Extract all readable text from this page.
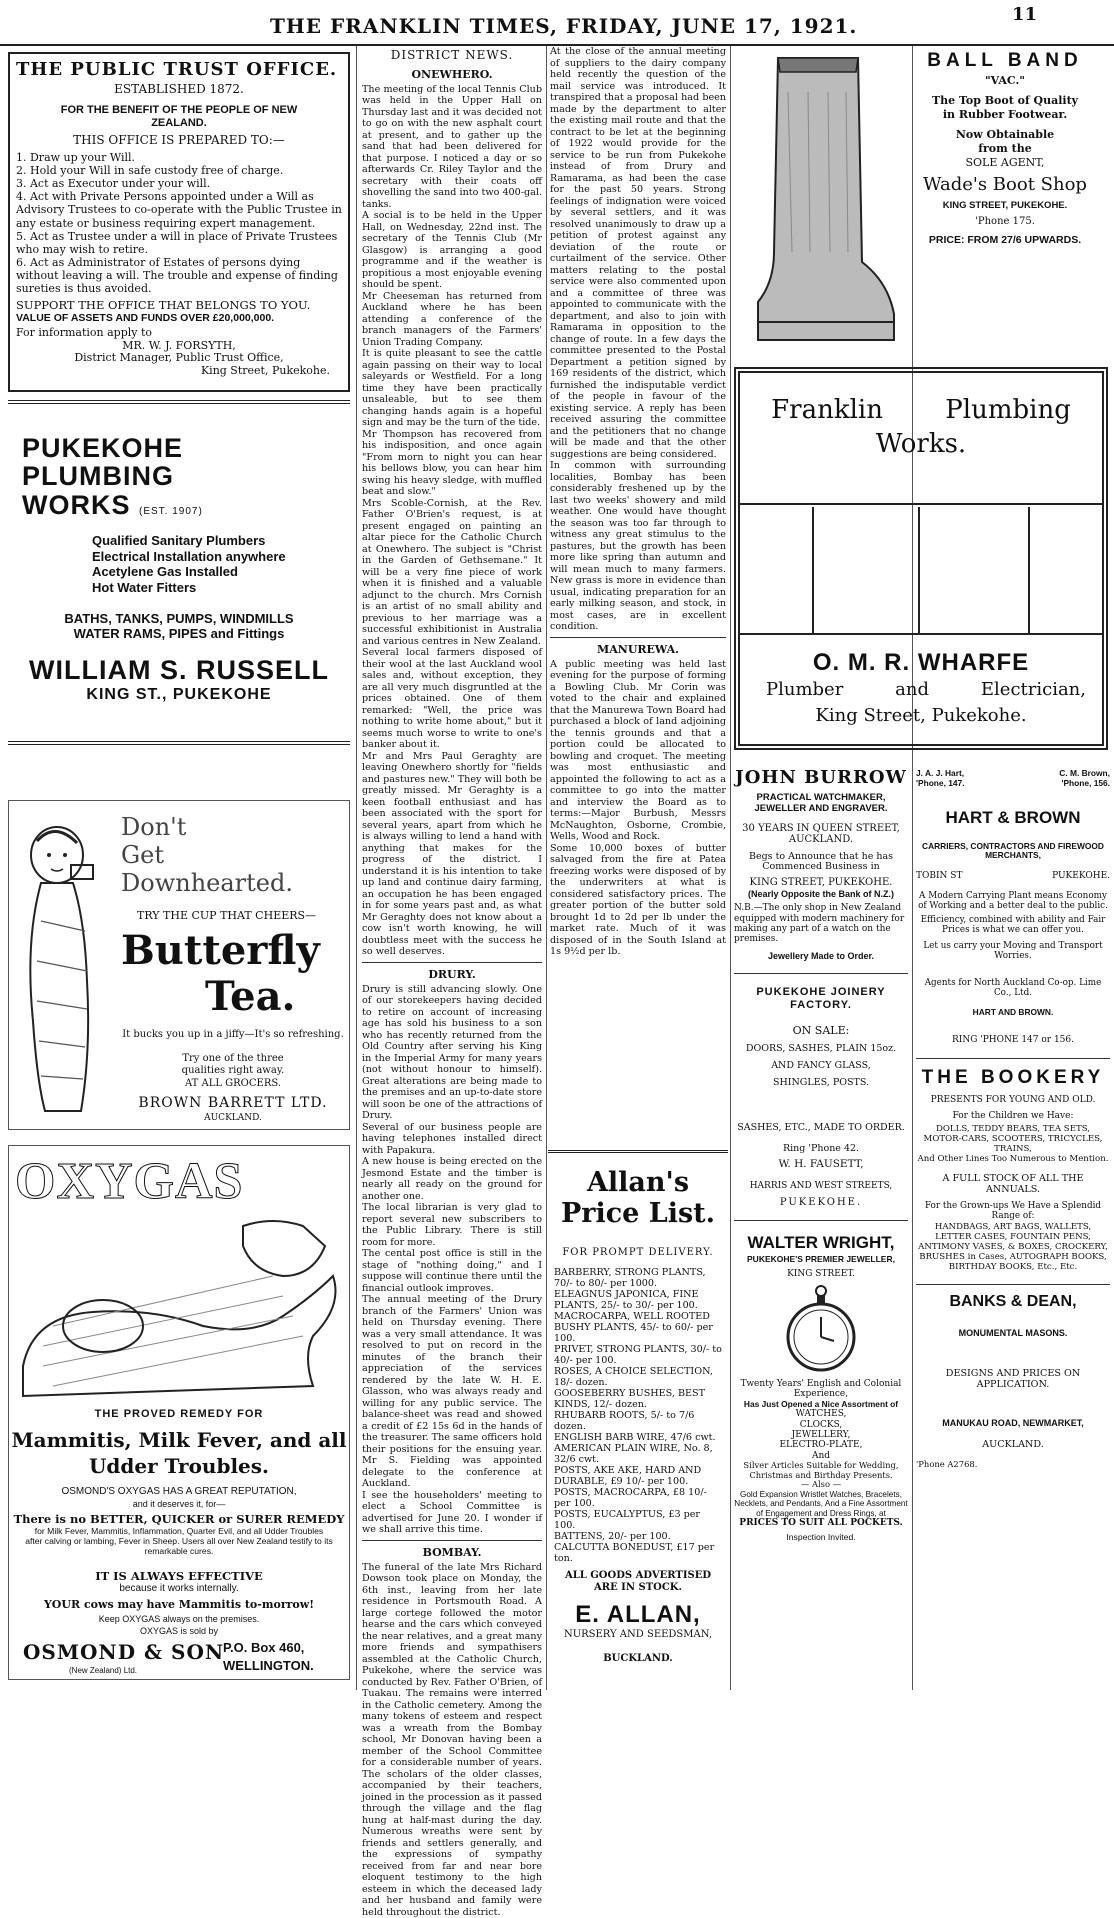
THE FRANKLIN TIMES, FRIDAY, JUNE 17, 1921.	11

THE PUBLIC TRUST OFFICE.

ESTABLISHED 1872.

FOR THE BENEFIT OF THE PEOPLE OF NEW ZEALAND.

THIS OFFICE IS PREPARED TO:—

1. Draw up your Will.
2. Hold your Will in safe custody free of charge.
3. Act as Executor under your will.
4. Act with Private Persons appointed under a Will as Advisory Trustees to co-operate with the Public Trustee in any estate or business requiring expert management.
5. Act as Trustee under a will in place of Private Trustees who may wish to retire.
6. Act as Administrator of Estates of persons dying without leaving a will. The trouble and expense of finding sureties is thus avoided.

SUPPORT THE OFFICE THAT BELONGS TO YOU.

VALUE OF ASSETS AND FUNDS OVER £20,000,000.

For information apply to

MR. W. J. FORSYTH,

District Manager, Public Trust Office,

King Street, Pukekohe.

PUKEKOHE
PLUMBING
WORKS (EST. 1907)
Qualified Sanitary Plumbers
Electrical Installation anywhere
Acetylene Gas Installed
Hot Water Fitters
BATHS, TANKS, PUMPS, WINDMILLS
WATER RAMS, PIPES and Fittings
WILLIAM S. RUSSELL
KING ST., PUKEKOHE
Don't
Get
Downhearted.
TRY THE CUP THAT CHEERS—
Butterfly
Tea.
It bucks you up in a jiffy—It's so refreshing.
Try one of the three
qualities right away.
AT ALL GROCERS.
BROWN BARRETT LTD.
AUCKLAND.
OXYGAS
THE PROVED REMEDY FOR
Mammitis, Milk Fever, and all
Udder Troubles.
OSMOND'S OXYGAS HAS A GREAT REPUTATION,
and it deserves it, for—
There is no BETTER, QUICKER or SURER REMEDY
for Milk Fever, Mammitis, Inflammation, Quarter Evil, and all Udder Troubles after calving or lambing, Fever in Sheep. Users all over New Zealand testify to its remarkable cures.
IT IS ALWAYS EFFECTIVE
because it works internally.
YOUR cows may have Mammitis to-morrow!
Keep OXYGAS always on the premises.
OXYGAS is sold by
OSMOND & SON
(New Zealand) Ltd.
P.O. Box 460,
WELLINGTON.

DISTRICT NEWS.

ONEWHERO.

The meeting of the local Tennis Club was held in the Upper Hall on Thursday last and it was decided not to go on with the new asphalt court at present, and to gather up the sand that had been delivered for that purpose. I noticed a day or so afterwards Cr. Riley Taylor and the secretary with their coats off shovelling the sand into two 400-gal. tanks.

A social is to be held in the Upper Hall, on Wednesday, 22nd inst. The secretary of the Tennis Club (Mr Glasgow) is arranging a good programme and if the weather is propitious a most enjoyable evening should be spent.

Mr Cheeseman has returned from Auckland where he has been attending a conference of the branch managers of the Farmers' Union Trading Company.

It is quite pleasant to see the cattle again passing on their way to local saleyards or Westfield. For a long time they have been practically unsaleable, but to see them changing hands again is a hopeful sign and may be the turn of the tide.

Mr Thompson has recovered from his indisposition, and once again "From morn to night you can hear his bellows blow, you can hear him swing his heavy sledge, with muffled beat and slow."

Mrs Scoble-Cornish, at the Rev. Father O'Brien's request, is at present engaged on painting an altar piece for the Catholic Church at Onewhero. The subject is "Christ in the Garden of Gethsemane." It will be a very fine piece of work when it is finished and a valuable adjunct to the church. Mrs Cornish is an artist of no small ability and previous to her marriage was a successful exhibitionist in Australia and various centres in New Zealand.

Several local farmers disposed of their wool at the last Auckland wool sales and, without exception, they are all very much disgruntled at the prices obtained. One of them remarked: "Well, the price was nothing to write home about," but it seems much worse to write to one's banker about it.

Mr and Mrs Paul Geraghty are leaving Onewhero shortly for "fields and pastures new." They will both be greatly missed. Mr Geraghty is a keen football enthusiast and has been associated with the sport for several years, apart from which he is always willing to lend a hand with anything that makes for the progress of the district. I understand it is his intention to take up land and continue dairy farming, an occupation he has been engaged in for some years past and, as what Mr Geraghty does not know about a cow isn't worth knowing, he will doubtless meet with the success he so well deserves.

DRURY.

Drury is still advancing slowly. One of our storekeepers having decided to retire on account of increasing age has sold his business to a son who has recently returned from the Old Country after serving his King in the Imperial Army for many years (not without honour to himself). Great alterations are being made to the premises and an up-to-date store will soon be one of the attractions of Drury.

Several of our business people are having telephones installed direct with Papakura.

A new house is being erected on the Jesmond Estate and the timber is nearly all ready on the ground for another one.

The local librarian is very glad to report several new subscribers to the Public Library. There is still room for more.

The cental post office is still in the stage of "nothing doing," and I suppose will continue there until the financial outlook improves.

The annual meeting of the Drury branch of the Farmers' Union was held on Thursday evening. There was a very small attendance. It was resolved to put on record in the minutes of the branch their appreciation of the services rendered by the late W. H. E. Glasson, who was always ready and willing for any public service. The balance-sheet was read and showed a credit of £2 15s 6d in the hands of the treasurer. The same officers hold their positions for the ensuing year. Mr S. Fielding was appointed delegate to the conference at Auckland.

I see the householders' meeting to elect a School Committee is advertised for June 20. I wonder if we shall arrive this time.

BOMBAY.

The funeral of the late Mrs Richard Dowson took place on Monday, the 6th inst., leaving from her late residence in Portsmouth Road. A large cortege followed the motor hearse and the cars which conveyed the near relatives, and a great many more friends and sympathisers assembled at the Catholic Church, Pukekohe, where the service was conducted by Rev. Father O'Brien, of Tuakau. The remains were interred in the Catholic cemetery. Among the many tokens of esteem and respect was a wreath from the Bombay school, Mr Donovan having been a member of the School Committee for a considerable number of years. The scholars of the older classes, accompanied by their teachers, joined in the procession as it passed through the village and the flag hung at half-mast during the day. Numerous wreaths were sent by friends and settlers generally, and the expressions of sympathy received from far and near bore eloquent testimony to the high esteem in which the deceased lady and her husband and family were held throughout the district.

At the close of the annual meeting of suppliers to the dairy company held recently the question of the mail service was introduced. It transpired that a proposal had been made by the department to alter the existing mail route and that the contract to be let at the beginning of 1922 would provide for the service to be run from Pukekohe instead of from Drury and Ramarama, as had been the case for the past 50 years. Strong feelings of indignation were voiced by several settlers, and it was resolved unanimously to draw up a petition of protest against any deviation of the route or curtailment of the service. Other matters relating to the postal service were also commented upon and a committee of three was appointed to communicate with the department, and also to join with Ramarama in opposition to the change of route. In a few days the committee presented to the Postal Department a petition signed by 169 residents of the district, which furnished the indisputable verdict of the people in favour of the existing service. A reply has been received assuring the committee and the petitioners that no change will be made and that the other suggestions are being considered.

In common with surrounding localities, Bombay has been considerably freshened up by the last two weeks' showery and mild weather. One would have thought the season was too far through to witness any great stimulus to the pastures, but the growth has been more like spring than autumn and will mean much to many farmers. New grass is more in evidence than usual, indicating preparation for an early milking season, and stock, in most cases, are in excellent condition.

MANUREWA.

A public meeting was held last evening for the purpose of forming a Bowling Club. Mr Corin was voted to the chair and explained that the Manurewa Town Board had purchased a block of land adjoining the tennis grounds and that a portion could be allocated to bowling and croquet. The meeting was most enthusiastic and appointed the following to act as a committee to go into the matter and interview the Board as to terms:—Major Burbush, Messrs McNaughton, Osborne, Crombie, Wells, Wood and Rock.

Some 10,000 boxes of butter salvaged from the fire at Patea freezing works were disposed of by the underwriters at what is considered satisfactory prices. The greater portion of the butter sold brought 1d to 2d per lb under the market rate. Much of it was disposed of in the South Island at 1s 9½d per lb.

Allan's

Price List.

FOR PROMPT DELIVERY.

BARBERRY, STRONG PLANTS, 70/- to 80/- per 1000.

ELEAGNUS JAPONICA, FINE PLANTS, 25/- to 30/- per 100.

MACROCARPA, WELL ROOTED BUSHY PLANTS, 45/- to 60/- per 100.

PRIVET, STRONG PLANTS, 30/- to 40/- per 100.

ROSES, A CHOICE SELECTION, 18/- dozen.

GOOSEBERRY BUSHES, BEST KINDS, 12/- dozen.

RHUBARB ROOTS, 5/- to 7/6 dozen.

ENGLISH BARB WIRE, 47/6 cwt.

AMERICAN PLAIN WIRE, No. 8, 32/6 cwt.

POSTS, AKE AKE, HARD AND DURABLE, £9 10/- per 100.

POSTS, MACROCARPA, £8 10/- per 100.

POSTS, EUCALYPTUS, £3 per 100.

BATTENS, 20/- per 100.

CALCUTTA BONEDUST, £17 per ton.

ALL GOODS ADVERTISED ARE IN STOCK.

E. ALLAN,

NURSERY AND SEEDSMAN,

BUCKLAND.

BALL BAND
"VAC."
The Top Boot of Quality
in Rubber Footwear.
Now Obtainable
from the
SOLE AGENT,
Wade's Boot Shop
KING STREET, PUKEKOHE.
'Phone 175.
PRICE: FROM 27/6 UPWARDS.
Franklin Plumbing
Works.
O. M. R. WHARFE
Plumber	and	Electrician,
King Street, Pukekohe.

JOHN BURROW

PRACTICAL WATCHMAKER, JEWELLER AND ENGRAVER.

30 YEARS IN QUEEN STREET, AUCKLAND.

Begs to Announce that he has Commenced Business in

KING STREET, PUKEKOHE.

(Nearly Opposite the Bank of N.Z.)

N.B.—The only shop in New Zealand equipped with modern machinery for making any part of a watch on the premises.

Jewellery Made to Order.

PUKEKOHE JOINERY FACTORY.

ON SALE:

DOORS, SASHES, PLAIN 15oz.

AND FANCY GLASS,

SHINGLES, POSTS.

SASHES, ETC., MADE TO ORDER.

Ring 'Phone 42.

W. H. FAUSETT,

HARRIS AND WEST STREETS,

PUKEKOHE.

WALTER WRIGHT,

PUKEKOHE'S PREMIER JEWELLER,

KING STREET.

Twenty Years' English and Colonial Experience,

Has Just Opened a Nice Assortment of

WATCHES,

CLOCKS,

JEWELLERY,

ELECTRO-PLATE,

And

Silver Articles Suitable for Wedding, Christmas and Birthday Presents.

— Also —

Gold Expansion Wristlet Watches, Bracelets, Necklets, and Pendants, And a Fine Assortment of Engagement and Dress Rings, at

PRICES TO SUIT ALL POCKETS.

Inspection Invited.

J. A. J. Hart,
'Phone, 147.
C. M. Brown,
'Phone, 156.

HART & BROWN

CARRIERS, CONTRACTORS AND FIREWOOD MERCHANTS,

TOBIN ST	PUKEKOHE.

A Modern Carrying Plant means Economy of Working and a better deal to the public.

Efficiency, combined with ability and Fair Prices is what we can offer you.

Let us carry your Moving and Transport Worries.

Agents for North Auckland Co-op. Lime Co., Ltd.

HART AND BROWN.

RING 'PHONE 147 or 156.

THE BOOKERY

PRESENTS FOR YOUNG AND OLD.

For the Children we Have:

DOLLS, TEDDY BEARS, TEA SETS, MOTOR-CARS, SCOOTERS, TRICYCLES, TRAINS,

And Other Lines Too Numerous to Mention.

A FULL STOCK OF ALL THE ANNUALS.

For the Grown-ups We Have a Splendid Range of:

HANDBAGS, ART BAGS, WALLETS, LETTER CASES, FOUNTAIN PENS, ANTIMONY VASES, & BOXES, CROCKERY, BRUSHES in Cases, AUTOGRAPH BOOKS, BIRTHDAY BOOKS, Etc., Etc.

BANKS & DEAN,

MONUMENTAL MASONS.

DESIGNS AND PRICES ON APPLICATION.

MANUKAU ROAD, NEWMARKET,

AUCKLAND.

'Phone A2768.
